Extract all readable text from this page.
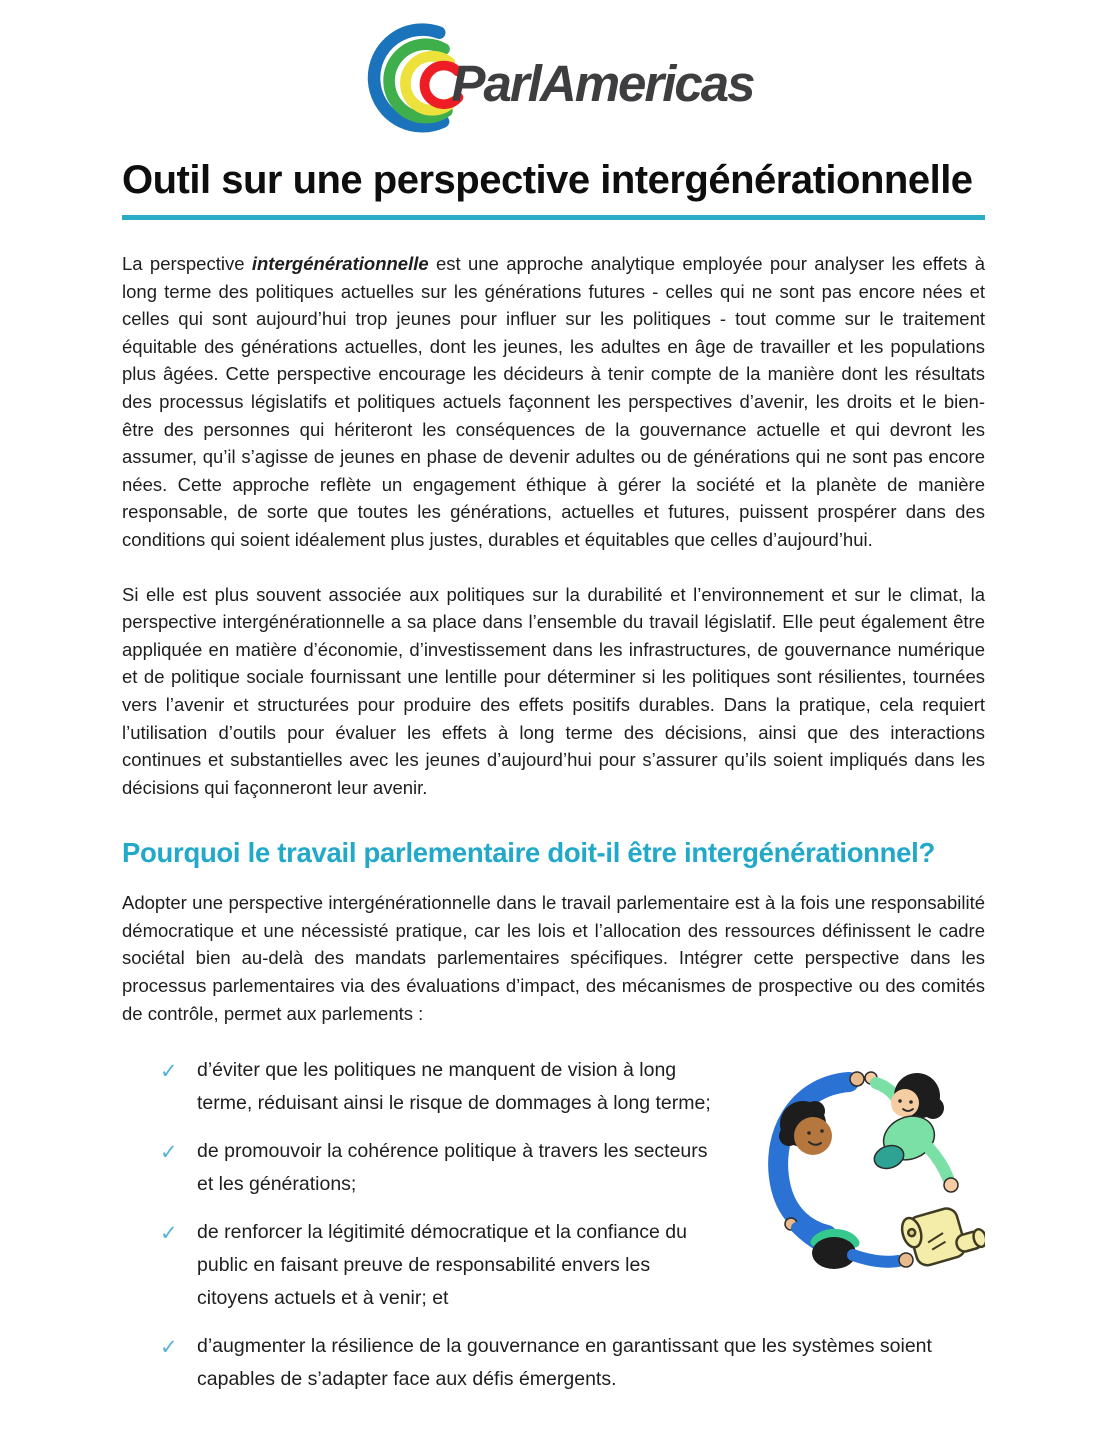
ParlAmericas
Outil sur une perspective intergénérationnelle

La perspective intergénérationnelle est une approche analytique employée pour analyser les effets à long terme des politiques actuelles sur les générations futures - celles qui ne sont pas encore nées et celles qui sont aujourd’hui trop jeunes pour influer sur les politiques - tout comme sur le traitement équitable des générations actuelles, dont les jeunes, les adultes en âge de travailler et les populations plus âgées. Cette perspective encourage les décideurs à tenir compte de la manière dont les résultats des processus législatifs et politiques actuels façonnent les perspectives d’avenir, les droits et le bien-être des personnes qui hériteront les conséquences de la gouvernance actuelle et qui devront les assumer, qu’il s’agisse de jeunes en phase de devenir adultes ou de générations qui ne sont pas encore nées. Cette approche reflète un engagement éthique à gérer la société et la planète de manière responsable, de sorte que toutes les générations, actuelles et futures, puissent prospérer dans des conditions qui soient idéalement plus justes, durables et équitables que celles d’aujourd’hui.

Si elle est plus souvent associée aux politiques sur la durabilité et l’environnement et sur le climat, la perspective intergénérationnelle a sa place dans l’ensemble du travail législatif. Elle peut également être appliquée en matière d’économie, d’investissement dans les infrastructures, de gouvernance numérique et de politique sociale fournissant une lentille pour déterminer si les politiques sont résilientes, tournées vers l’avenir et structurées pour produire des effets positifs durables. Dans la pratique, cela requiert l’utilisation d’outils pour évaluer les effets à long terme des décisions, ainsi que des interactions continues et substantielles avec les jeunes d’aujourd’hui pour s’assurer qu’ils soient impliqués dans les décisions qui façonneront leur avenir.

Pourquoi le travail parlementaire doit-il être intergénérationnel?

Adopter une perspective intergénérationnelle dans le travail parlementaire est à la fois une responsabilité démocratique et une nécessisté pratique, car les lois et l’allocation des ressources définissent le cadre sociétal bien au-delà des mandats parlementaires spécifiques. Intégrer cette perspective dans les processus parlementaires via des évaluations d’impact, des mécanismes de prospective ou des comités de contrôle, permet aux parlements :

✓ d’éviter que les politiques ne manquent de vision à long terme, réduisant ainsi le risque de dommages à long terme;
✓ de promouvoir la cohérence politique à travers les secteurs et les générations;
✓ de renforcer la légitimité démocratique et la confiance du public en faisant preuve de responsabilité envers les citoyens actuels et à venir; et
✓ d’augmenter la résilience de la gouvernance en garantissant que les systèmes soient capables de s’adapter face aux défis émergents.
